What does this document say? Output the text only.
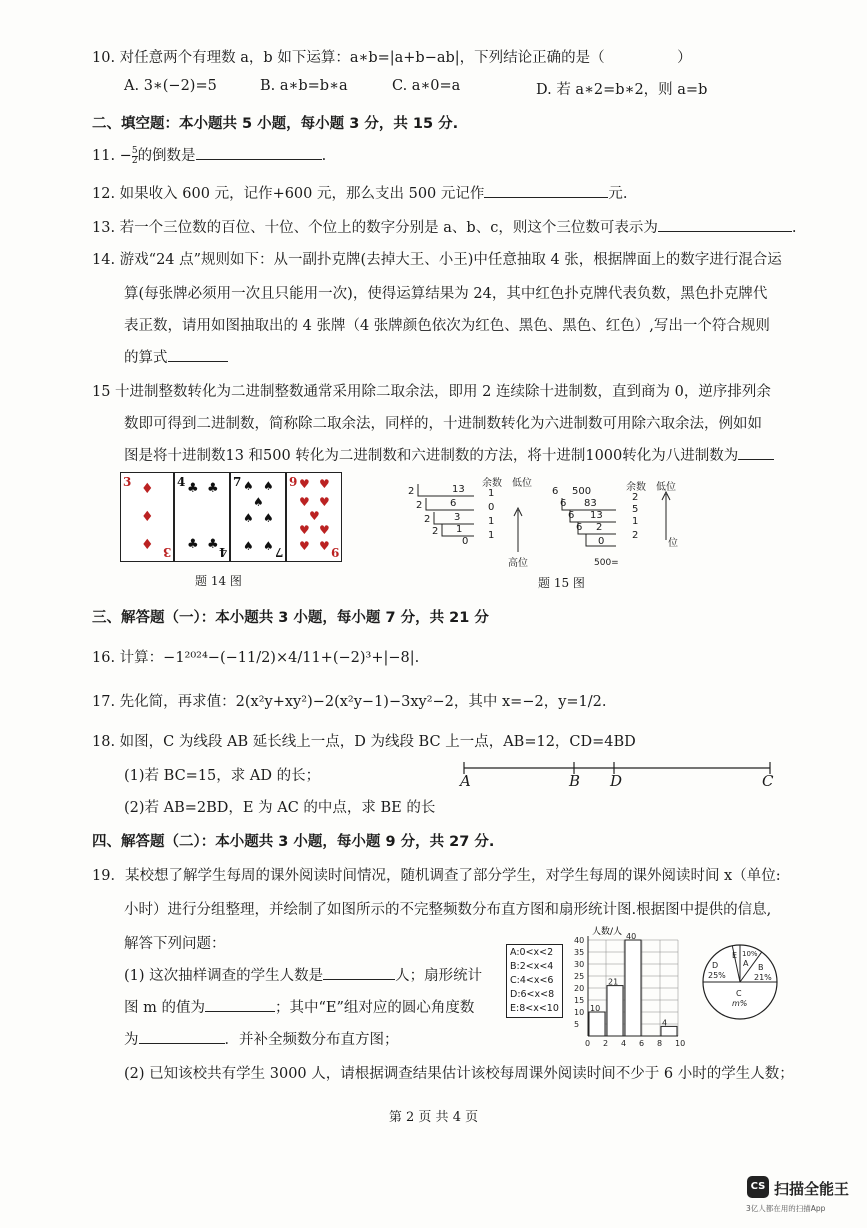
10. 对任意两个有理数 a，b 如下运算：a∗b=|a+b−ab|，下列结论正确的是（　　　　　）
A. 3∗(−2)=5	B. a∗b=b∗a	C. a∗0=a	D. 若 a∗2=b∗2，则 a=b
二、填空题：本小题共 5 小题，每小题 3 分，共 15 分.
11. − $\frac{5}{2}$ 的倒数是	.
12. 如果收入 600 元，记作+600 元，那么支出 500 元记作	元.
13. 若一个三位数的百位、十位、个位上的数字分别是 a、b、c，则这个三位数可表示为	.
14. 游戏“24 点”规则如下：从一副扑克牌(去掉大王、小王)中任意抽取 4 张，根据牌面上的数字进行混合运
算(每张牌必须用一次且只能用一次)，使得运算结果为 24，其中红色扑克牌代表负数，黑色扑克牌代
表正数，请用如图抽取出的 4 张牌（4 张牌颜色依次为红色、黑色、黑色、红色）,写出一个符合规则
的算式
15 十进制整数转化为二进制整数通常采用除二取余法，即用 2 连续除十进制数，直到商为 0，逆序排列余
数即可得到二进制数，简称除二取余法，同样的，十进制数转化为六进制数可用除六取余法，例如如
图是将十进制数13 和500 转化为二进制数和六进制数的方法，将十进制1000转化为八进制数为
3 ♦
♦
♦ 3
4 ♣ ♣
♣ ♣ 4
7 ♠ ♠
♠
♠ ♠
♠ ♠ 7
9 ♥ ♥
♥ ♥
♥
♥ ♥
♥ ♥ 9
题 14 图
2	13
2	6
2 3
2 1
0
余数 低位
1
0
1
1
高位
6 500
6 83
6 13
6 2
0
余数 低位
2
5
1
2
位
500=
题 15 图
三、解答题（一）：本小题共 3 小题，每小题 7 分，共 21 分
16. 计算：−1²⁰²⁴−(−11/2)×4/11+(−2)³+|−8|.
17. 先化简，再求值：2(x²y+xy²)−2(x²y−1)−3xy²−2，其中 x=−2，y=1/2.
18. 如图，C 为线段 AB 延长线上一点，D 为线段 BC 上一点，AB=12，CD=4BD
(1)若 BC=15，求 AD 的长；
(2)若 AB=2BD，E 为 AC 的中点，求 BE 的长
A	B D	C
四、解答题（二）：本小题共 3 小题，每小题 9 分，共 27 分.
19．某校想了解学生每周的课外阅读时间情况，随机调查了部分学生，对学生每周的课外阅读时间 x（单位:
小时）进行分组整理，并绘制了如图所示的不完整频数分布直方图和扇形统计图.根据图中提供的信息,
解答下列问题：
(1) 这次抽样调查的学生人数是	人；扇形统计
图 m 的值为	；其中“E”组对应的圆心角度数
为	．并补全频数分布直方图；
(2) 已知该校共有学生 3000 人，请根据调查结果估计该校每周课外阅读时间不少于 6 小时的学生人数；
A:0<x<2
B:2<x<4
C:4<x<6
D:6<x<8
E:8<x<10
40
35
30
25
20
15
10
5
0 2 4 6 8 10
10
21
40
4
人数/人
E
A
10%
B
21%
D
25%
C
m%
第 2 页 共 4 页
CS 扫描全能王
3亿人都在用的扫描App
